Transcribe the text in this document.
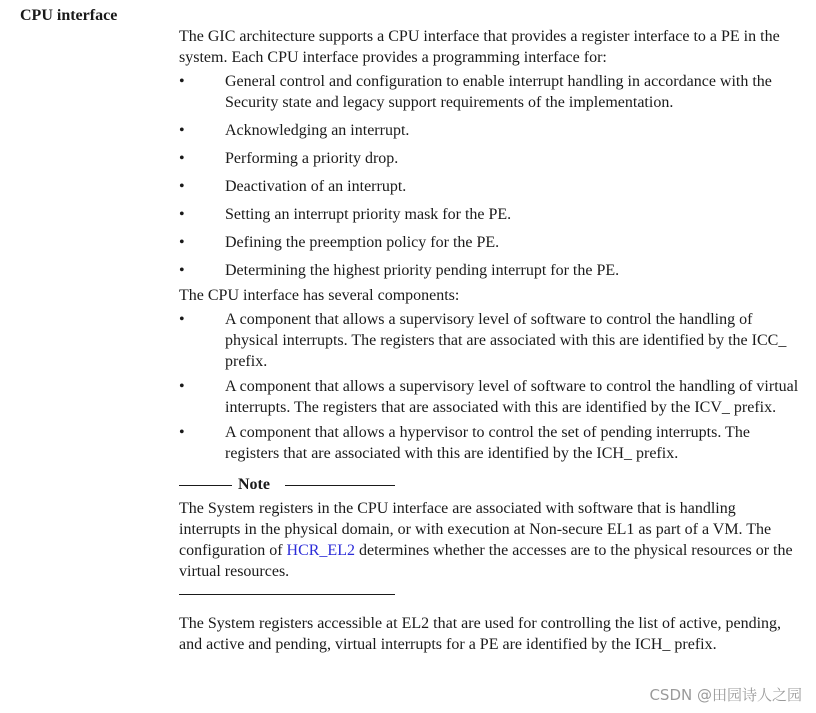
CPU interface

The GIC architecture supports a CPU interface that provides a register interface to a PE in the system. Each CPU interface provides a programming interface for:

•	General control and configuration to enable interrupt handling in accordance with the Security state and legacy support requirements of the implementation.
•	Acknowledging an interrupt.
•	Performing a priority drop.
•	Deactivation of an interrupt.
•	Setting an interrupt priority mask for the PE.
•	Defining the preemption policy for the PE.
•	Determining the highest priority pending interrupt for the PE.

The CPU interface has several components:

•	A component that allows a supervisory level of software to control the handling of physical interrupts. The registers that are associated with this are identified by the ICC_ prefix.
•	A component that allows a supervisory level of software to control the handling of virtual interrupts. The registers that are associated with this are identified by the ICV_ prefix.
•	A component that allows a hypervisor to control the set of pending interrupts. The registers that are associated with this are identified by the ICH_ prefix.
Note

The System registers in the CPU interface are associated with software that is handling interrupts in the physical domain, or with execution at Non-secure EL1 as part of a VM. The configuration of HCR_EL2 determines whether the accesses are to the physical resources or the virtual resources.

The System registers accessible at EL2 that are used for controlling the list of active, pending, and active and pending, virtual interrupts for a PE are identified by the ICH_ prefix.

CSDN @田园诗人之园
